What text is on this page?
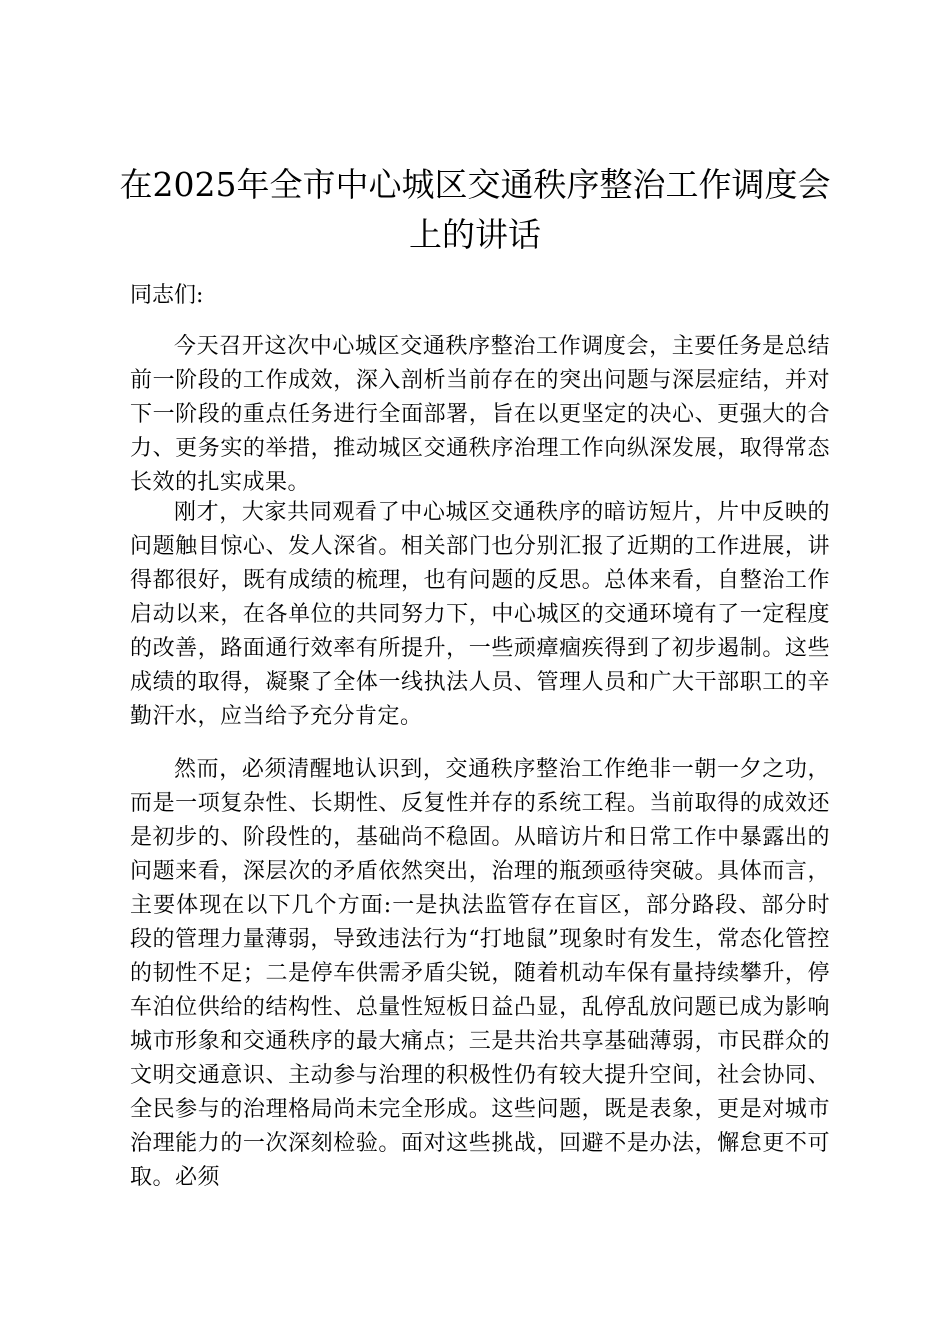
在2025年全市中心城区交通秩序整治工作调度会上的讲话

同志们:

今天召开这次中心城区交通秩序整治工作调度会，主要任务是总结前一阶段的工作成效，深入剖析当前存在的突出问题与深层症结，并对下一阶段的重点任务进行全面部署，旨在以更坚定的决心、更强大的合力、更务实的举措，推动城区交通秩序治理工作向纵深发展，取得常态长效的扎实成果。

刚才，大家共同观看了中心城区交通秩序的暗访短片，片中反映的问题触目惊心、发人深省。相关部门也分别汇报了近期的工作进展，讲得都很好，既有成绩的梳理，也有问题的反思。总体来看，自整治工作启动以来，在各单位的共同努力下，中心城区的交通环境有了一定程度的改善，路面通行效率有所提升，一些顽瘴痼疾得到了初步遏制。这些成绩的取得，凝聚了全体一线执法人员、管理人员和广大干部职工的辛勤汗水，应当给予充分肯定。

然而，必须清醒地认识到，交通秩序整治工作绝非一朝一夕之功，而是一项复杂性、长期性、反复性并存的系统工程。当前取得的成效还是初步的、阶段性的，基础尚不稳固。从暗访片和日常工作中暴露出的问题来看，深层次的矛盾依然突出，治理的瓶颈亟待突破。具体而言，主要体现在以下几个方面:一是执法监管存在盲区，部分路段、部分时段的管理力量薄弱，导致违法行为“打地鼠”现象时有发生，常态化管控的韧性不足；二是停车供需矛盾尖锐，随着机动车保有量持续攀升，停车泊位供给的结构性、总量性短板日益凸显，乱停乱放问题已成为影响城市形象和交通秩序的最大痛点；三是共治共享基础薄弱，市民群众的文明交通意识、主动参与治理的积极性仍有较大提升空间，社会协同、全民参与的治理格局尚未完全形成。这些问题，既是表象，更是对城市治理能力的一次深刻检验。面对这些挑战，回避不是办法，懈怠更不可取。必须
